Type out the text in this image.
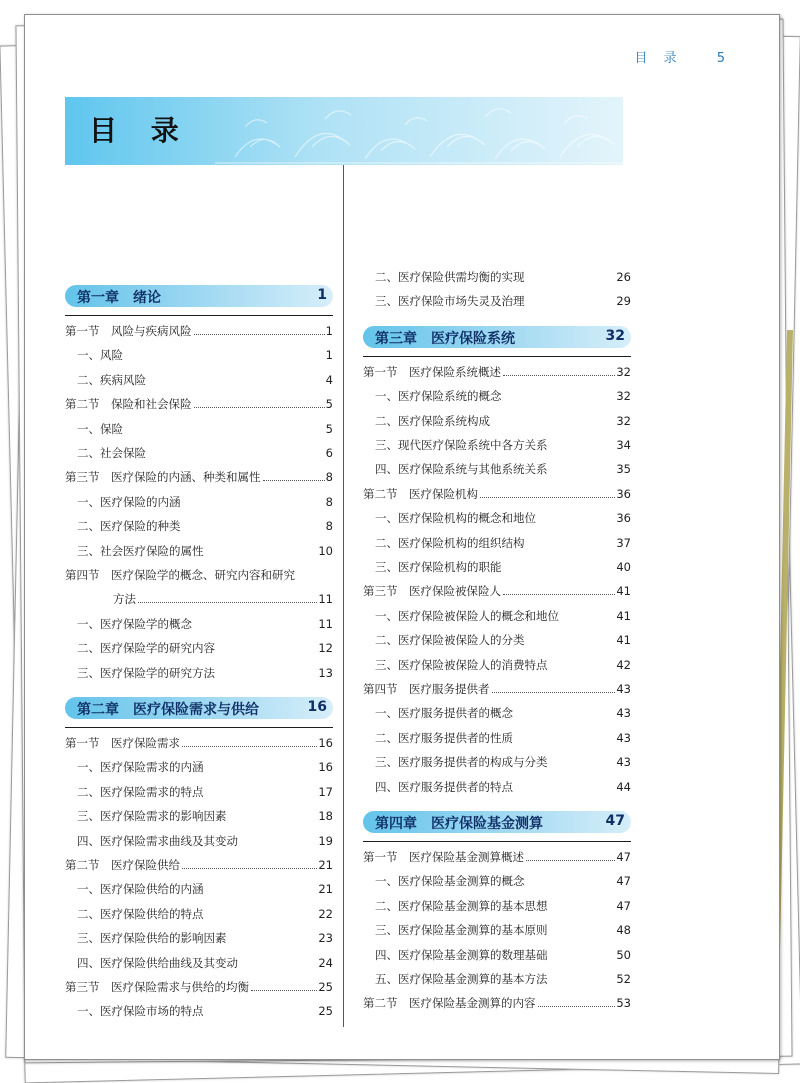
目 录	5
目 录
第一章　绪论	1
第一节　风险与疾病风险	1
一、风险	1
二、疾病风险	4
第二节　保险和社会保险	5
一、保险	5
二、社会保险	6
第三节　医疗保险的内涵、种类和属性	8
一、医疗保险的内涵	8
二、医疗保险的种类	8
三、社会医疗保险的属性	10
第四节　医疗保险学的概念、研究内容和研究
方法	11
一、医疗保险学的概念	11
二、医疗保险学的研究内容	12
三、医疗保险学的研究方法	13
第二章　医疗保险需求与供给	16
第一节　医疗保险需求	16
一、医疗保险需求的内涵	16
二、医疗保险需求的特点	17
三、医疗保险需求的影响因素	18
四、医疗保险需求曲线及其变动	19
第二节　医疗保险供给	21
一、医疗保险供给的内涵	21
二、医疗保险供给的特点	22
三、医疗保险供给的影响因素	23
四、医疗保险供给曲线及其变动	24
第三节　医疗保险需求与供给的均衡	25
一、医疗保险市场的特点	25
二、医疗保险供需均衡的实现	26
三、医疗保险市场失灵及治理	29
第三章　医疗保险系统	32
第一节　医疗保险系统概述	32
一、医疗保险系统的概念	32
二、医疗保险系统构成	32
三、现代医疗保险系统中各方关系	34
四、医疗保险系统与其他系统关系	35
第二节　医疗保险机构	36
一、医疗保险机构的概念和地位	36
二、医疗保险机构的组织结构	37
三、医疗保险机构的职能	40
第三节　医疗保险被保险人	41
一、医疗保险被保险人的概念和地位	41
二、医疗保险被保险人的分类	41
三、医疗保险被保险人的消费特点	42
第四节　医疗服务提供者	43
一、医疗服务提供者的概念	43
二、医疗服务提供者的性质	43
三、医疗服务提供者的构成与分类	43
四、医疗服务提供者的特点	44
第四章　医疗保险基金测算	47
第一节　医疗保险基金测算概述	47
一、医疗保险基金测算的概念	47
二、医疗保险基金测算的基本思想	47
三、医疗保险基金测算的基本原则	48
四、医疗保险基金测算的数理基础	50
五、医疗保险基金测算的基本方法	52
第二节　医疗保险基金测算的内容	53
